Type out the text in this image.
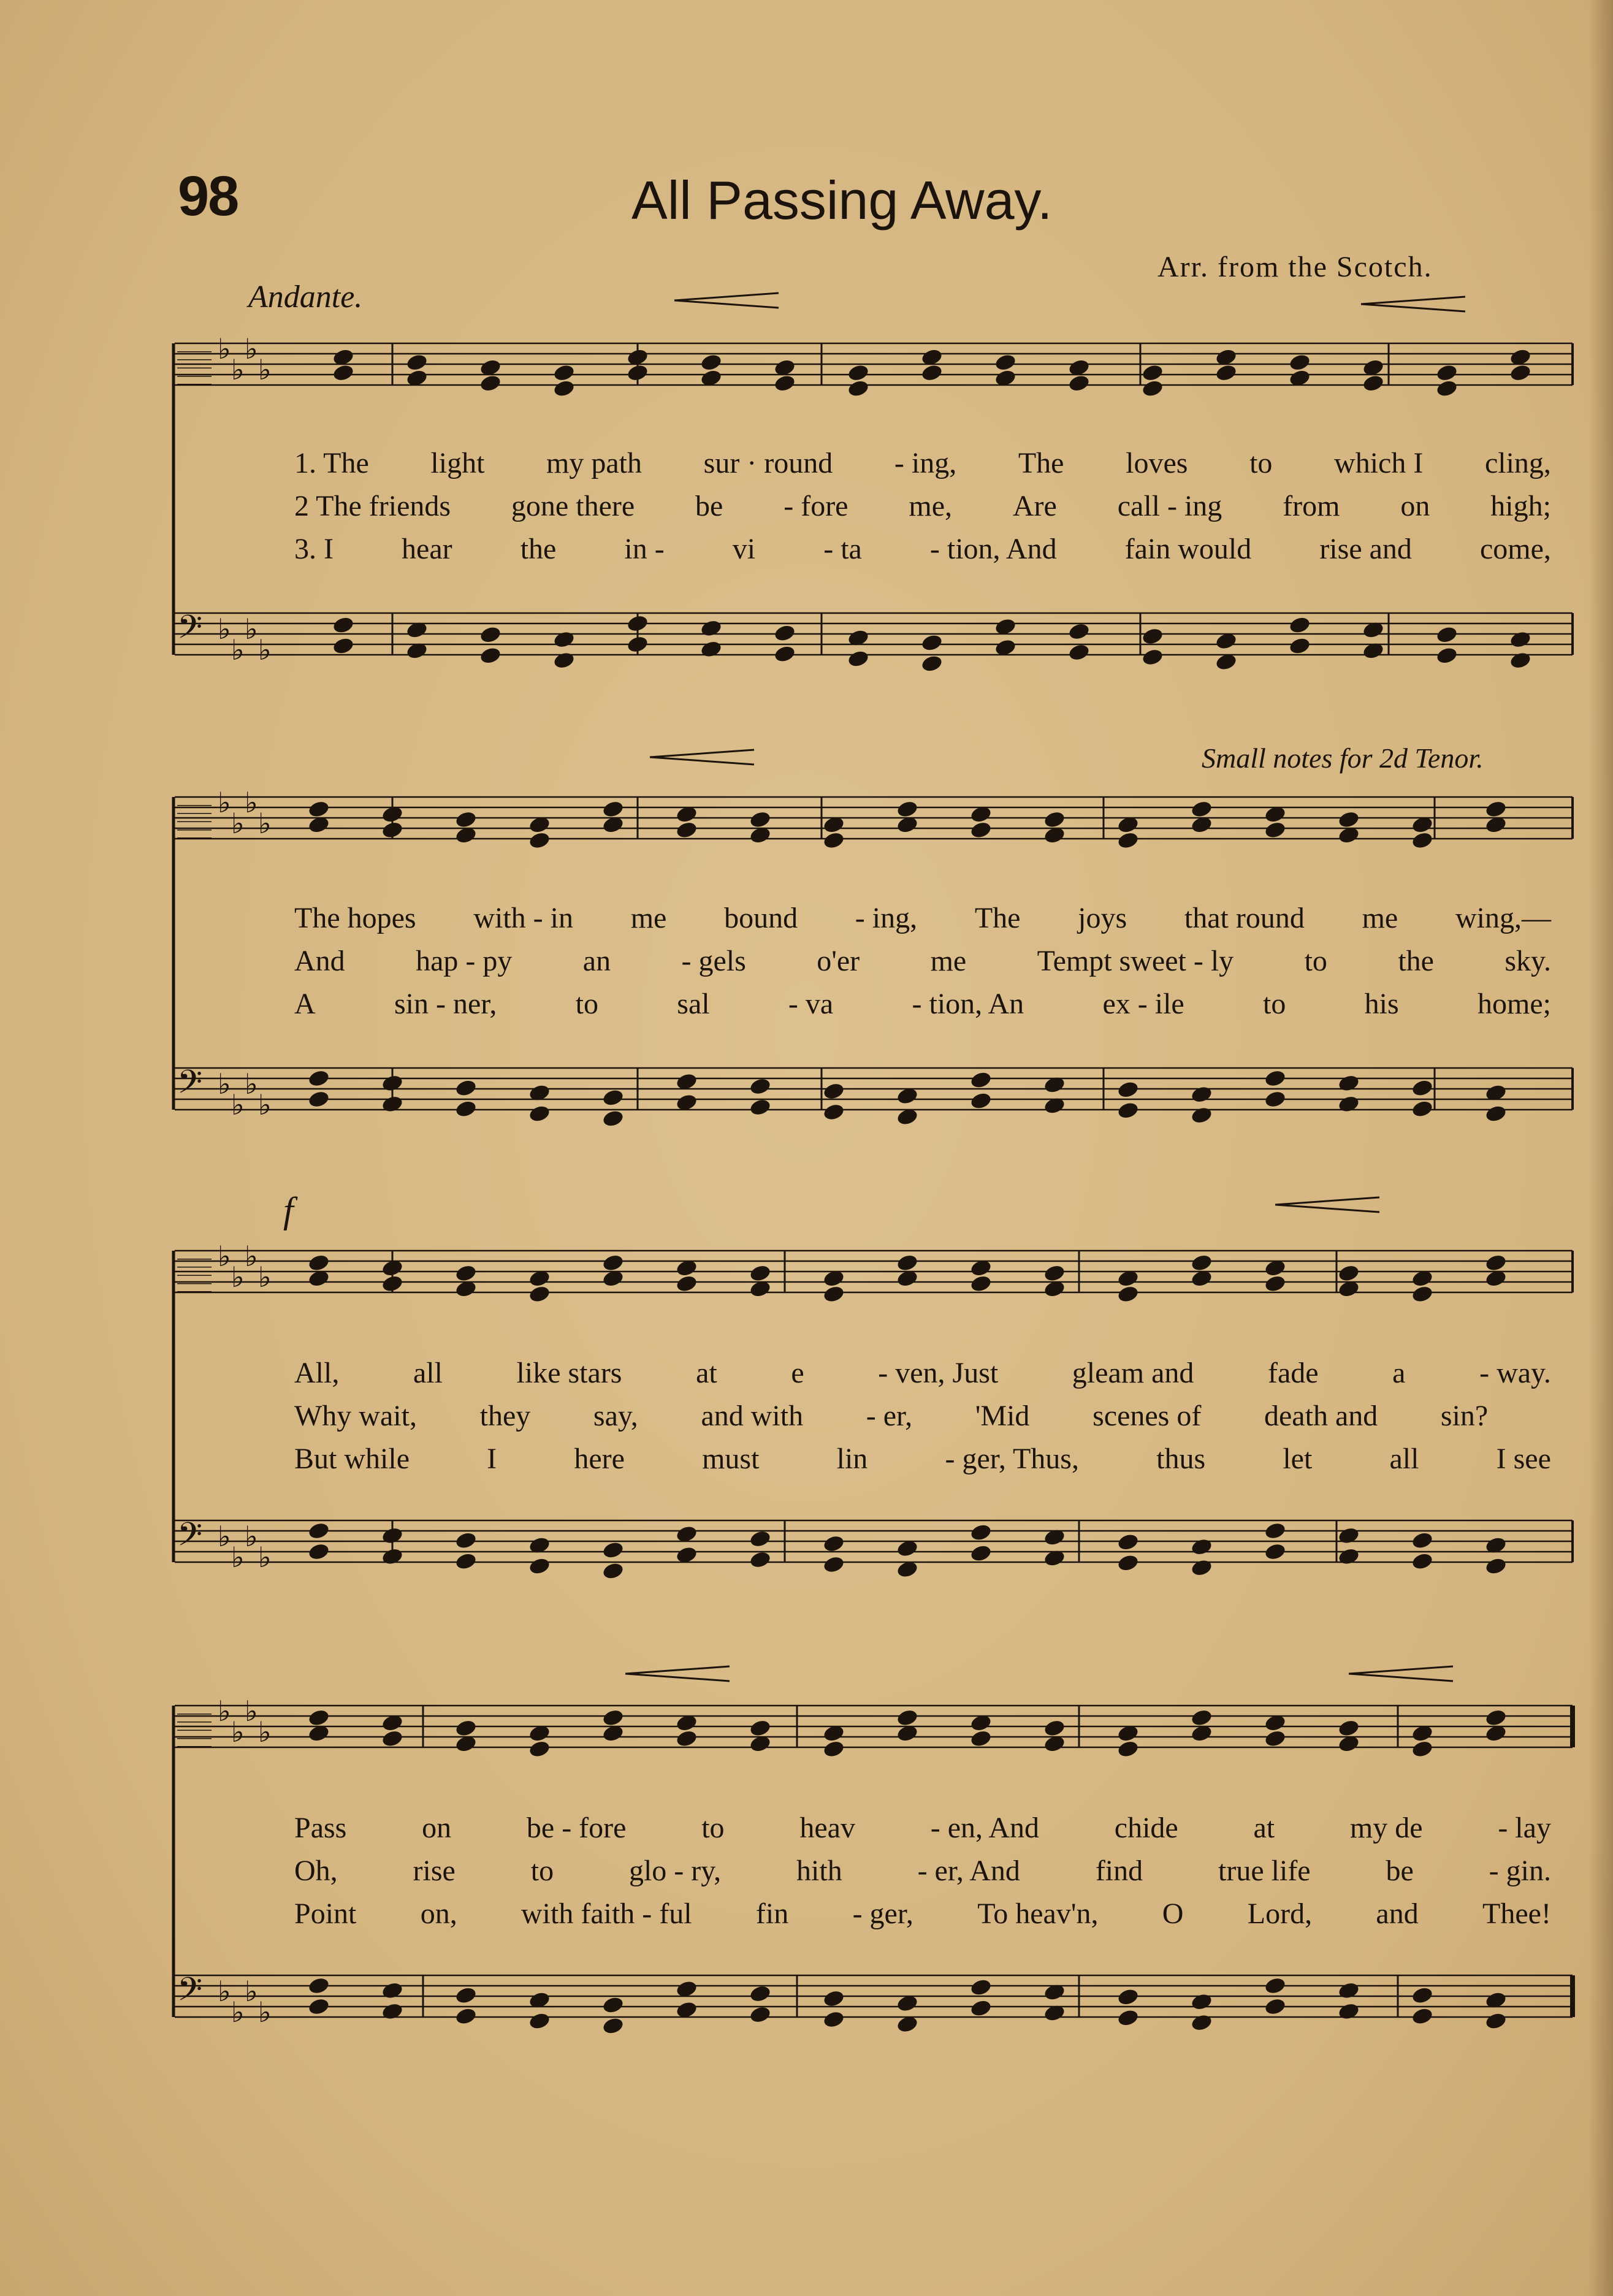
98	All Passing Away.
Andante.
Arr. from the Scotch.
Small notes for 2d Tenor.
f
𝄚
𝄢
♭
♭
♭
♭
♭
♭
♭
♭
𝄚
𝄢
♭
♭
♭
♭
♭
♭
♭
♭
𝄚
𝄢
♭
♭
♭
♭
♭
♭
♭
♭
𝄚
𝄢
♭
♭
♭
♭
♭
♭
♭
♭
1. The light my path sur · round - ing, The loves to which I cling,
2 The friends gone there be - fore me, Are call - ing from on high;
3. I hear the in - vi - ta - tion, And fain would rise and come,
The hopes with - in me bound - ing, The joys that round me wing,—
And hap - py an - gels o'er me Tempt sweet - ly to the sky.
A	sin - ner,	to	sal	- va	- tion, An	ex - ile	to	his	home;
All,	all	like stars	at	e	- ven, Just	gleam and	fade	a	- way.
Why wait, they say, and with - er, 'Mid scenes of death and sin?
But while	I	here	must	lin	- ger, Thus,	thus	let	all	I see
Pass	on	be - fore	to	heav	- en, And	chide	at	my de	- lay
Oh,	rise	to	glo - ry,	hith	- er, And	find	true life	be	- gin.
Point on, with faith - ful fin - ger, To heav'n, O Lord, and Thee!
